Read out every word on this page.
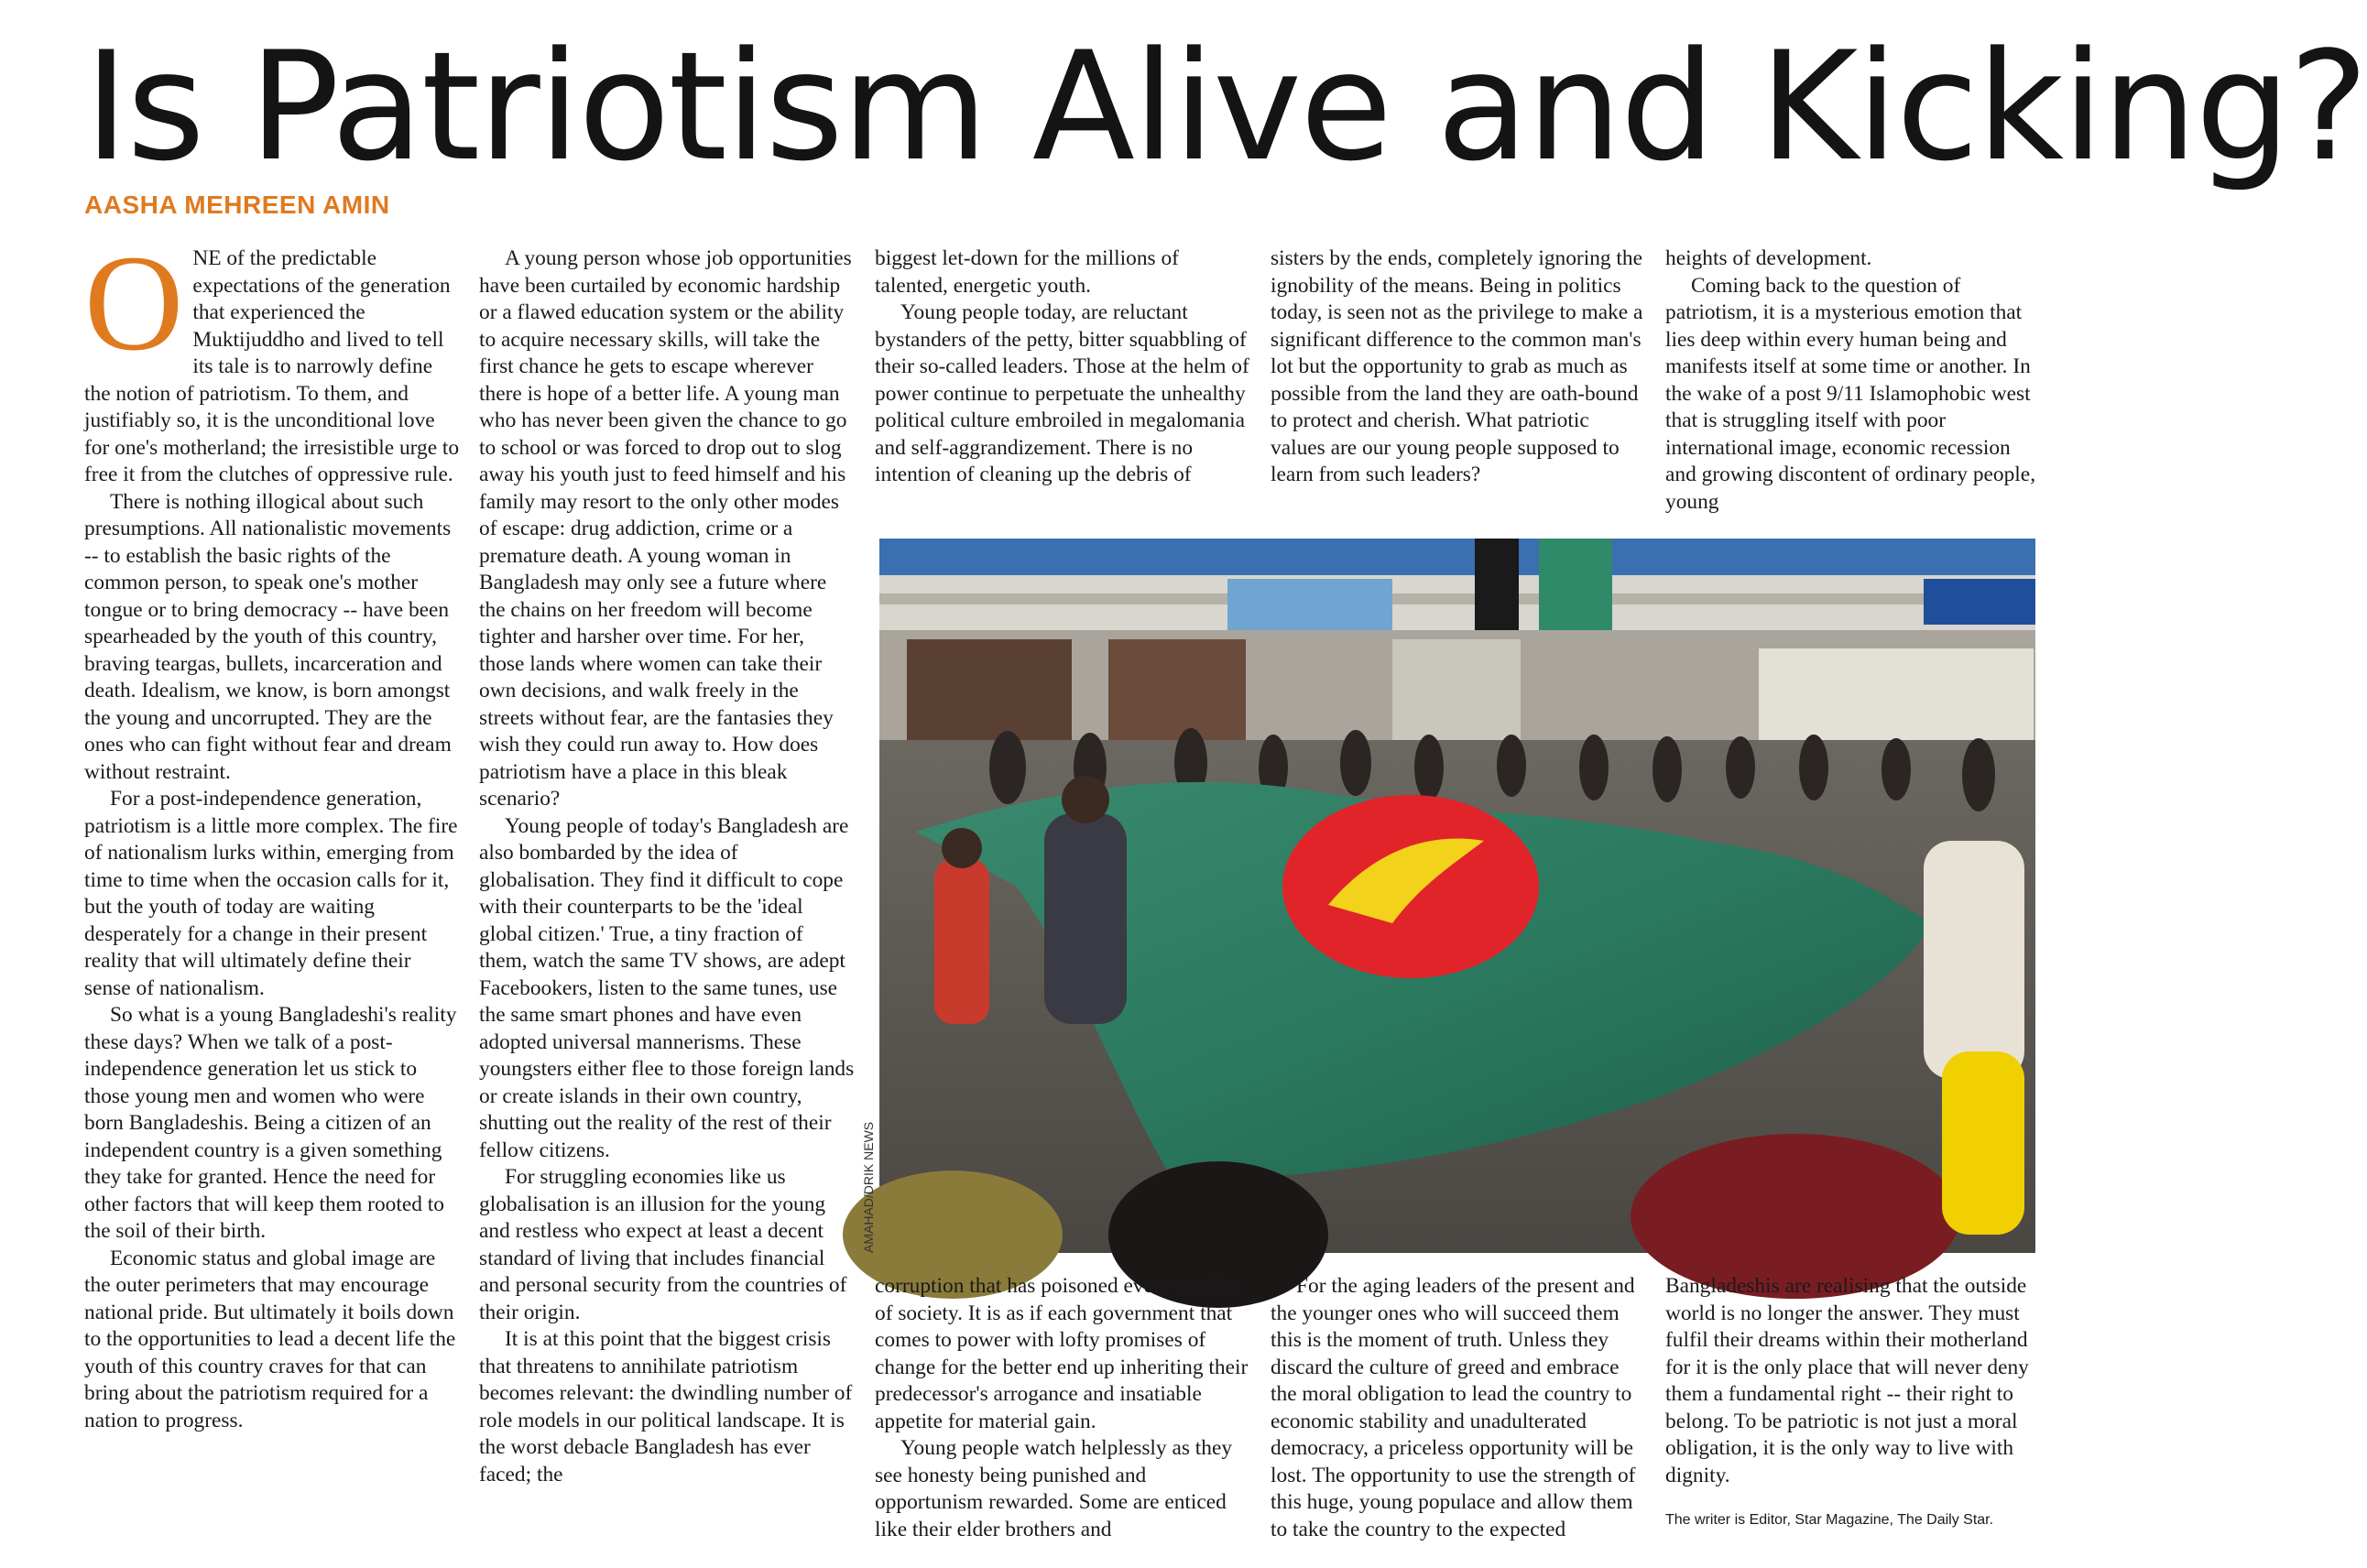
Is Patriotism Alive and Kicking?
AASHA MEHREEN AMIN

ONE of the predictable expectations of the generation that experienced the Muktijuddho and lived to tell its tale is to narrowly define the notion of patriotism. To them, and justifiably so, it is the unconditional love for one's motherland; the irresistible urge to free it from the clutches of oppressive rule.

There is nothing illogical about such presumptions. All nationalistic movements -- to establish the basic rights of the common person, to speak one's mother tongue or to bring democracy -- have been spearheaded by the youth of this country, braving teargas, bullets, incarceration and death. Idealism, we know, is born amongst the young and uncorrupted. They are the ones who can fight without fear and dream without restraint.

For a post-independence generation, patriotism is a little more complex. The fire of nationalism lurks within, emerging from time to time when the occasion calls for it, but the youth of today are waiting desperately for a change in their present reality that will ultimately define their sense of nationalism.

So what is a young Bangladeshi's reality these days? When we talk of a post-independence generation let us stick to those young men and women who were born Bangladeshis. Being a citizen of an independent country is a given something they take for granted. Hence the need for other factors that will keep them rooted to the soil of their birth.

Economic status and global image are the outer perimeters that may encourage national pride. But ultimately it boils down to the opportunities to lead a decent life the youth of this country craves for that can bring about the patriotism required for a nation to progress.

A young person whose job opportunities have been curtailed by economic hardship or a flawed education system or the ability to acquire necessary skills, will take the first chance he gets to escape wherever there is hope of a better life. A young man who has never been given the chance to go to school or was forced to drop out to slog away his youth just to feed himself and his family may resort to the only other modes of escape: drug addiction, crime or a premature death. A young woman in Bangladesh may only see a future where the chains on her freedom will become tighter and harsher over time. For her, those lands where women can take their own decisions, and walk freely in the streets without fear, are the fantasies they wish they could run away to. How does patriotism have a place in this bleak scenario?

Young people of today's Bangladesh are also bombarded by the idea of globalisation. They find it difficult to cope with their counterparts to be the 'ideal global citizen.' True, a tiny fraction of them, watch the same TV shows, are adept Facebookers, listen to the same tunes, use the same smart phones and have even adopted universal mannerisms. These youngsters either flee to those foreign lands or create islands in their own country, shutting out the reality of the rest of their fellow citizens.

For struggling economies like us globalisation is an illusion for the young and restless who expect at least a decent standard of living that includes financial and personal security from the countries of their origin.

It is at this point that the biggest crisis that threatens to annihilate patriotism becomes relevant: the dwindling number of role models in our political landscape. It is the worst debacle Bangladesh has ever faced; the

biggest let-down for the millions of talented, energetic youth.

Young people today, are reluctant bystanders of the petty, bitter squabbling of their so-called leaders. Those at the helm of power continue to perpetuate the unhealthy political culture embroiled in megalomania and self-aggrandizement. There is no intention of cleaning up the debris of

sisters by the ends, completely ignoring the ignobility of the means. Being in politics today, is seen not as the privilege to make a significant difference to the common man's lot but the opportunity to grab as much as possible from the land they are oath-bound to protect and cherish. What patriotic values are our young people supposed to learn from such leaders?

heights of development.

Coming back to the question of patriotism, it is a mysterious emotion that lies deep within every human being and manifests itself at some time or another. In the wake of a post 9/11 Islamophobic west that is struggling itself with poor international image, economic recession and growing discontent of ordinary people, young

AMAHAD/DRIK NEWS

corruption that has poisoned every crevice of society. It is as if each government that comes to power with lofty promises of change for the better end up inheriting their predecessor's arrogance and insatiable appetite for material gain.

Young people watch helplessly as they see honesty being punished and opportunism rewarded. Some are enticed like their elder brothers and

For the aging leaders of the present and the younger ones who will succeed them this is the moment of truth. Unless they discard the culture of greed and embrace the moral obligation to lead the country to economic stability and unadulterated democracy, a priceless opportunity will be lost. The opportunity to use the strength of this huge, young populace and allow them to take the country to the expected

Bangladeshis are realising that the outside world is no longer the answer. They must fulfil their dreams within their motherland for it is the only place that will never deny them a fundamental right -- their right to belong. To be patriotic is not just a moral obligation, it is the only way to live with dignity.

The writer is Editor, Star Magazine, The Daily Star.
